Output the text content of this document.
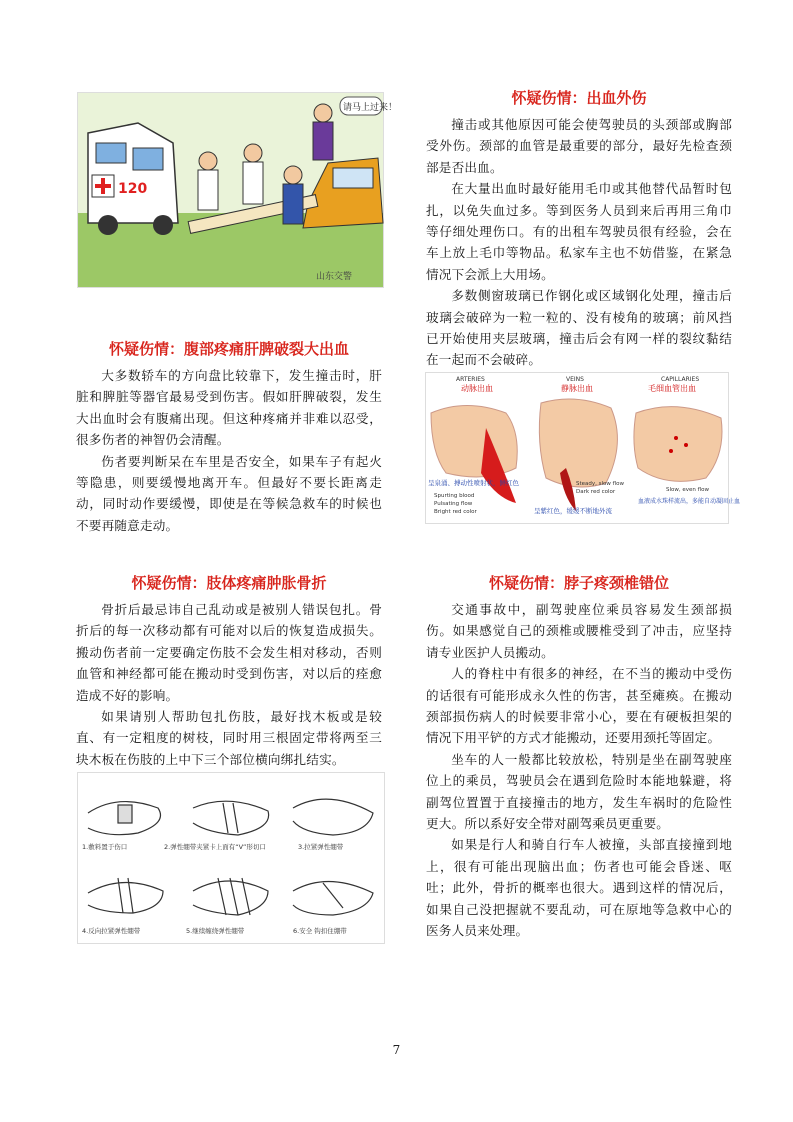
120
请马上过来！
山东交警
怀疑伤情：腹部疼痛肝脾破裂大出血

大多数轿车的方向盘比较靠下，发生撞击时，肝脏和脾脏等器官最易受到伤害。假如肝脾破裂，发生大出血时会有腹痛出现。但这种疼痛并非难以忍受，很多伤者的神智仍会清醒。

伤者要判断呆在车里是否安全，如果车子有起火等隐患，则要缓慢地离开车。但最好不要长距离走动，同时动作要缓慢，即使是在等候急救车的时候也不要再随意走动。

怀疑伤情：肢体疼痛肿胀骨折

骨折后最忌讳自己乱动或是被别人错误包扎。骨折后的每一次移动都有可能对以后的恢复造成损失。搬动伤者前一定要确定伤肢不会发生相对移动，否则血管和神经都可能在搬动时受到伤害，对以后的痊愈造成不好的影响。

如果请别人帮助包扎伤肢，最好找木板或是较直、有一定粗度的树枝，同时用三根固定带将两至三块木板在伤肢的上中下三个部位横向绑扎结实。

1.敷料置于伤口	2.弹性绷带夹紧卡上面有“V”形切口	3.拉紧弹性绷带
4.反向拉紧弹性绷带	5.继续缠绕弹性绷带	6.安全 钩扣住绷带
怀疑伤情：出血外伤

撞击或其他原因可能会使驾驶员的头颈部或胸部受外伤。颈部的血管是最重要的部分，最好先检查颈部是否出血。

在大量出血时最好能用毛巾或其他替代品暂时包扎，以免失血过多。等到医务人员到来后再用三角巾等仔细处理伤口。有的出租车驾驶员很有经验，会在车上放上毛巾等物品。私家车主也不妨借鉴，在紧急情况下会派上大用场。

多数侧窗玻璃已作钢化或区域钢化处理，撞击后玻璃会破碎为一粒一粒的、没有棱角的玻璃；前风挡已开始使用夹层玻璃，撞击后会有网一样的裂纹黏结在一起而不会破碎。

ARTERIES
动脉出血
VEINS
静脉出血
CAPILLARIES
毛细血管出血
呈泉涌、搏动性喷射状，鲜红色
Spurting blood
Pulsating flow
Bright red color
Steady, slow flow
Dark red color
呈紫红色，缓缓不断地外流
Slow, even flow
血液成水珠样流出，多能自动凝固止血
怀疑伤情：脖子疼颈椎错位

交通事故中，副驾驶座位乘员容易发生颈部损伤。如果感觉自己的颈椎或腰椎受到了冲击，应坚持请专业医护人员搬动。

人的脊柱中有很多的神经，在不当的搬动中受伤的话很有可能形成永久性的伤害，甚至瘫痪。在搬动颈部损伤病人的时候要非常小心，要在有硬板担架的情况下用平铲的方式才能搬动，还要用颈托等固定。

坐车的人一般都比较放松，特别是坐在副驾驶座位上的乘员，驾驶员会在遇到危险时本能地躲避，将副驾位置置于直接撞击的地方，发生车祸时的危险性更大。所以系好安全带对副驾乘员更重要。

如果是行人和骑自行车人被撞，头部直接撞到地上，很有可能出现脑出血；伤者也可能会昏迷、呕吐；此外，骨折的概率也很大。遇到这样的情况后，如果自己没把握就不要乱动，可在原地等急救中心的医务人员来处理。

7
